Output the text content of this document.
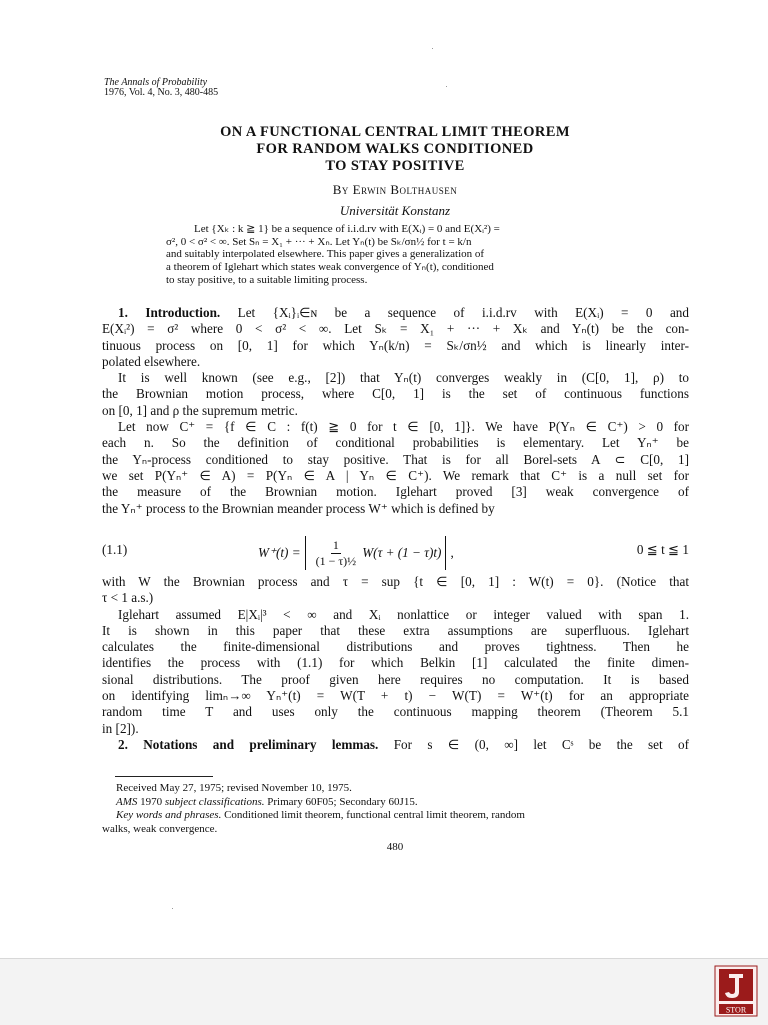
The Annals of Probability
1976, Vol. 4, No. 3, 480-485
ON A FUNCTIONAL CENTRAL LIMIT THEOREM
FOR RANDOM WALKS CONDITIONED
TO STAY POSITIVE
By Erwin Bolthausen
Universität Konstanz

Let {Xₖ : k ≧ 1} be a sequence of i.i.d.rv with E(Xᵢ) = 0 and E(Xᵢ²) =

σ², 0 < σ² < ∞. Set Sₙ = X₁ + ··· + Xₙ. Let Yₙ(t) be Sₖ/σn½ for t = k/n

and suitably interpolated elsewhere. This paper gives a generalization of

a theorem of Iglehart which states weak convergence of Yₙ(t), conditioned

to stay positive, to a suitable limiting process.

1. Introduction. Let {Xᵢ}ᵢ∈ɴ be a sequence of i.i.d.rv with E(Xᵢ) = 0 and
E(Xᵢ²) = σ² where 0 < σ² < ∞. Let Sₖ = X₁ + ··· + Xₖ and Yₙ(t) be the con-
tinuous process on [0, 1] for which Yₙ(k/n) = Sₖ/σn½ and which is linearly inter-
polated elsewhere.
It is well known (see e.g., [2]) that Yₙ(t) converges weakly in (C[0, 1], ρ) to
the Brownian motion process, where C[0, 1] is the set of continuous functions
on [0, 1] and ρ the supremum metric.
Let now C⁺ = {f ∈ C : f(t) ≧ 0 for t ∈ [0, 1]}. We have P(Yₙ ∈ C⁺) > 0 for
each n. So the definition of conditional probabilities is elementary. Let Yₙ⁺ be
the Yₙ-process conditioned to stay positive. That is for all Borel-sets A ⊂ C[0, 1]
we set P(Yₙ⁺ ∈ A) = P(Yₙ ∈ A | Yₙ ∈ C⁺). We remark that C⁺ is a null set for
the measure of the Brownian motion. Iglehart proved [3] weak convergence of
the Yₙ⁺ process to the Brownian meander process W⁺ which is defined by
(1.1)	$W^+(t) = \frac{1}{\text{(1 − τ)½}} W(\tau + (1 - \tau)t)$ ,	0 ≦ t ≦ 1
with W the Brownian process and τ = sup {t ∈ [0, 1] : W(t) = 0}. (Notice that
τ < 1 a.s.)
Iglehart assumed E|Xᵢ|³ < ∞ and Xᵢ nonlattice or integer valued with span 1.
It is shown in this paper that these extra assumptions are superfluous. Iglehart
calculates the finite-dimensional distributions and proves tightness. Then he
identifies the process with (1.1) for which Belkin [1] calculated the finite dimen-
sional distributions. The proof given here requires no computation. It is based
on identifying limₙ→∞ Yₙ⁺(t) = W(T + t) − W(T) = W⁺(t) for an appropriate
random time T and uses only the continuous mapping theorem (Theorem 5.1
in [2]).
2. Notations and preliminary lemmas. For s ∈ (0, ∞] let Cˢ be the set of

Received May 27, 1975; revised November 10, 1975.

AMS 1970 subject classifications. Primary 60F05; Secondary 60J15.

Key words and phrases. Conditioned limit theorem, functional central limit theorem, random

walks, weak convergence.

480
STOR
